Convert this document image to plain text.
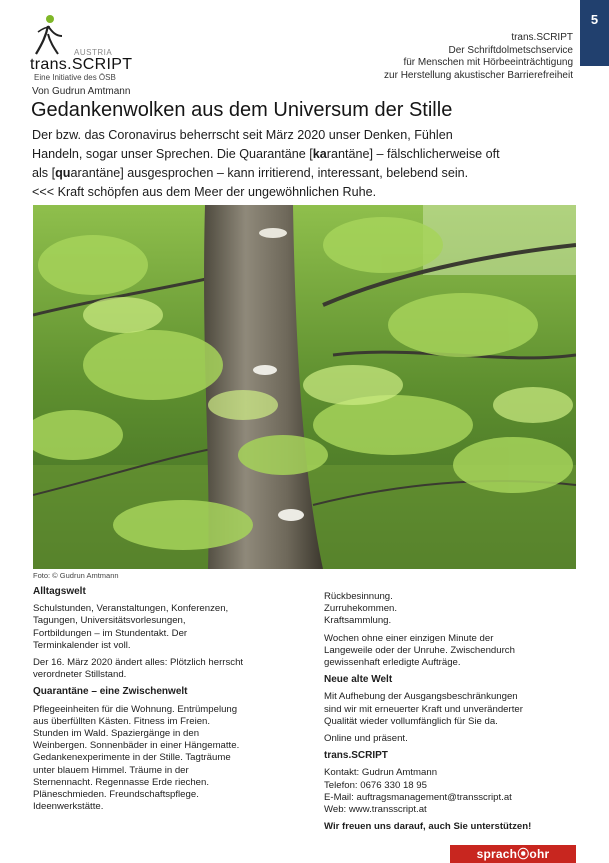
5
AUSTRIA
trans.SCRIPT
Eine Initiative des ÖSB
trans.SCRIPT
Der Schriftdolmetschservice
für Menschen mit Hörbeeinträchtigung
zur Herstellung akustischer Barrierefreiheit
Von Gudrun Amtmann
Gedankenwolken aus dem Universum der Stille

Der bzw. das Coronavirus beherrscht seit März 2020 unser Denken, Fühlen

Handeln, sogar unser Sprechen. Die Quarantäne [karantäne] – fälschlicherweise oft

als [quarantäne] ausgesprochen – kann irritierend, interessant, belebend sein.

<<< Kraft schöpfen aus dem Meer der ungewöhnlichen Ruhe.

Foto: © Gudrun Amtmann
Alltagswelt

Schulstunden, Veranstaltungen, Konferenzen,
Tagungen, Universitätsvorlesungen,
Fortbildungen – im Stundentakt. Der
Terminkalender ist voll.

Der 16. März 2020 ändert alles: Plötzlich herrscht
verordneter Stillstand.

Quarantäne – eine Zwischenwelt

Pflegeeinheiten für die Wohnung. Entrümpelung
aus überfüllten Kästen. Fitness im Freien.
Stunden im Wald. Spaziergänge in den
Weinbergen. Sonnenbäder in einer Hängematte.
Gedankenexperimente in der Stille. Tagträume
unter blauem Himmel. Träume in der
Sternennacht. Regennasse Erde riechen.
Pläneschmieden. Freundschaftspflege.
Ideenwerkstätte.

Rückbesinnung.
Zurruhekommen.
Kraftsammlung.

Wochen ohne einer einzigen Minute der
Langeweile oder der Unruhe. Zwischendurch
gewissenhaft erledigte Aufträge.

Neue alte Welt

Mit Aufhebung der Ausgangsbeschränkungen
sind wir mit erneuerter Kraft und unveränderter
Qualität wieder vollumfänglich für Sie da.

Online und präsent.

trans.SCRIPT

Kontakt: Gudrun Amtmann
Telefon: 0676 330 18 95
E-Mail: auftragsmanagement@transscript.at
Web: www.transscript.at

Wir freuen uns darauf, auch Sie unterstützen!
sprach⦿ohr
